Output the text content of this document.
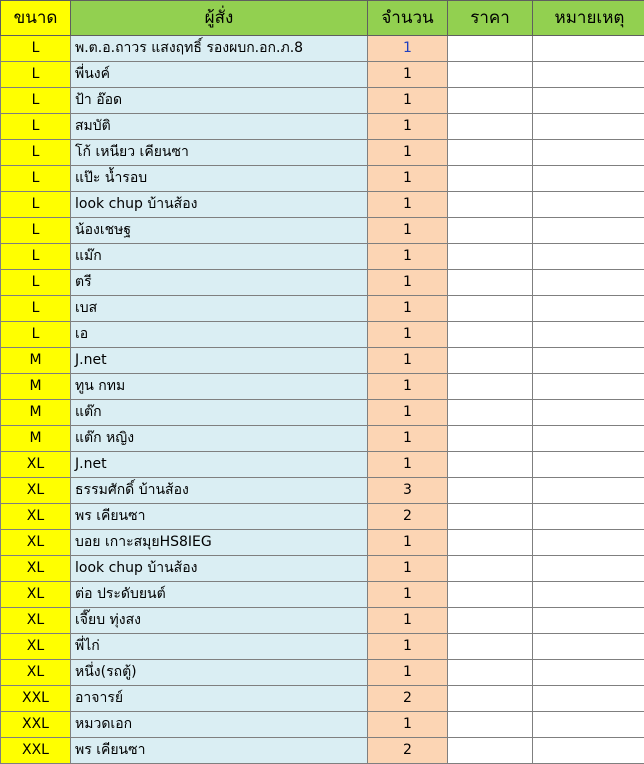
ขนาด	ผู้สั่ง	จำนวน	ราคา	หมายเหตุ
L	พ.ต.อ.ถาวร แสงฤทธิ์ รองผบก.อก.ภ.8	1		
L	พี่นงค์	1		
L	ป้า อ๊อด	1		
L	สมบัติ	1		
L	โก้ เหนียว เคียนซา	1		
L	แป๊ะ น้ำรอบ	1		
L	look chup บ้านส้อง	1		
L	น้องเชษฐ	1		
L	แม๊ก	1		
L	ตรี	1		
L	เบส	1		
L	เอ	1		
M	J.net	1		
M	ทูน กทม	1		
M	แต๊ก	1		
M	แต๊ก หญิง	1		
XL	J.net	1		
XL	ธรรมศักดิ์ บ้านส้อง	3		
XL	พร เคียนซา	2		
XL	บอย เกาะสมุยHS8IEG	1		
XL	look chup บ้านส้อง	1		
XL	ต่อ ประดับยนต์	1		
XL	เจี๊ยบ ทุ่งสง	1		
XL	พี่ไก่	1		
XL	หนึ่ง(รถตู้)	1		
XXL	อาจารย์	2		
XXL	หมวดเอก	1		
XXL	พร เคียนซา	2		
